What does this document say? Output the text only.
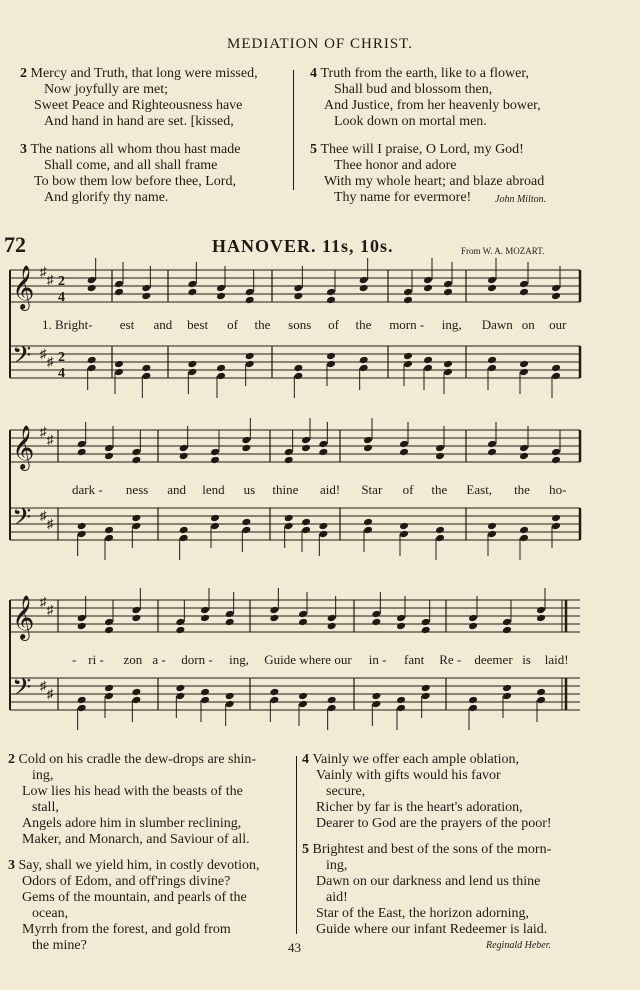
MEDIATION OF CHRIST.
2 Mercy and Truth, that long were missed,
Now joyfully are met;
Sweet Peace and Righteousness have
And hand in hand are set. [kissed,
3 The nations all whom thou hast made
Shall come, and all shall frame
To bow them low before thee, Lord,
And glorify thy name.
4 Truth from the earth, like to a flower,
Shall bud and blossom then,
And Justice, from her heavenly bower,
Look down on mortal men.
5 Thee will I praise, O Lord, my God!
Thee honor and adore
With my whole heart; and blaze abroad
Thy name for evermore!	John Milton.
72	HANOVER. 11s, 10s.	From W. A. MOZART.
𝄞 ♯
♯ 2
4
𝄢 ♯
♯ 2
4
𝄞 ♯
♯
𝄢 ♯
♯
𝄞 ♯
♯
𝄢 ♯
♯
1. Bright- est and best of the sons of the morn - ing, Dawn on our
dark - ness and lend us thine aid! Star of the East, the ho-
- ri - zon a - dorn - ing, Guide where our in - fant Re - deemer is laid!
2 Cold on his cradle the dew-drops are shin-
ing,
Low lies his head with the beasts of the
stall,
Angels adore him in slumber reclining,
Maker, and Monarch, and Saviour of all.
3 Say, shall we yield him, in costly devotion,
Odors of Edom, and off'rings divine?
Gems of the mountain, and pearls of the
ocean,
Myrrh from the forest, and gold from
the mine?
4 Vainly we offer each ample oblation,
Vainly with gifts would his favor
secure,
Richer by far is the heart's adoration,
Dearer to God are the prayers of the poor!
5 Brightest and best of the sons of the morn-
ing,
Dawn on our darkness and lend us thine
aid!
Star of the East, the horizon adorning,
Guide where our infant Redeemer is laid.
Reginald Heber.
43
